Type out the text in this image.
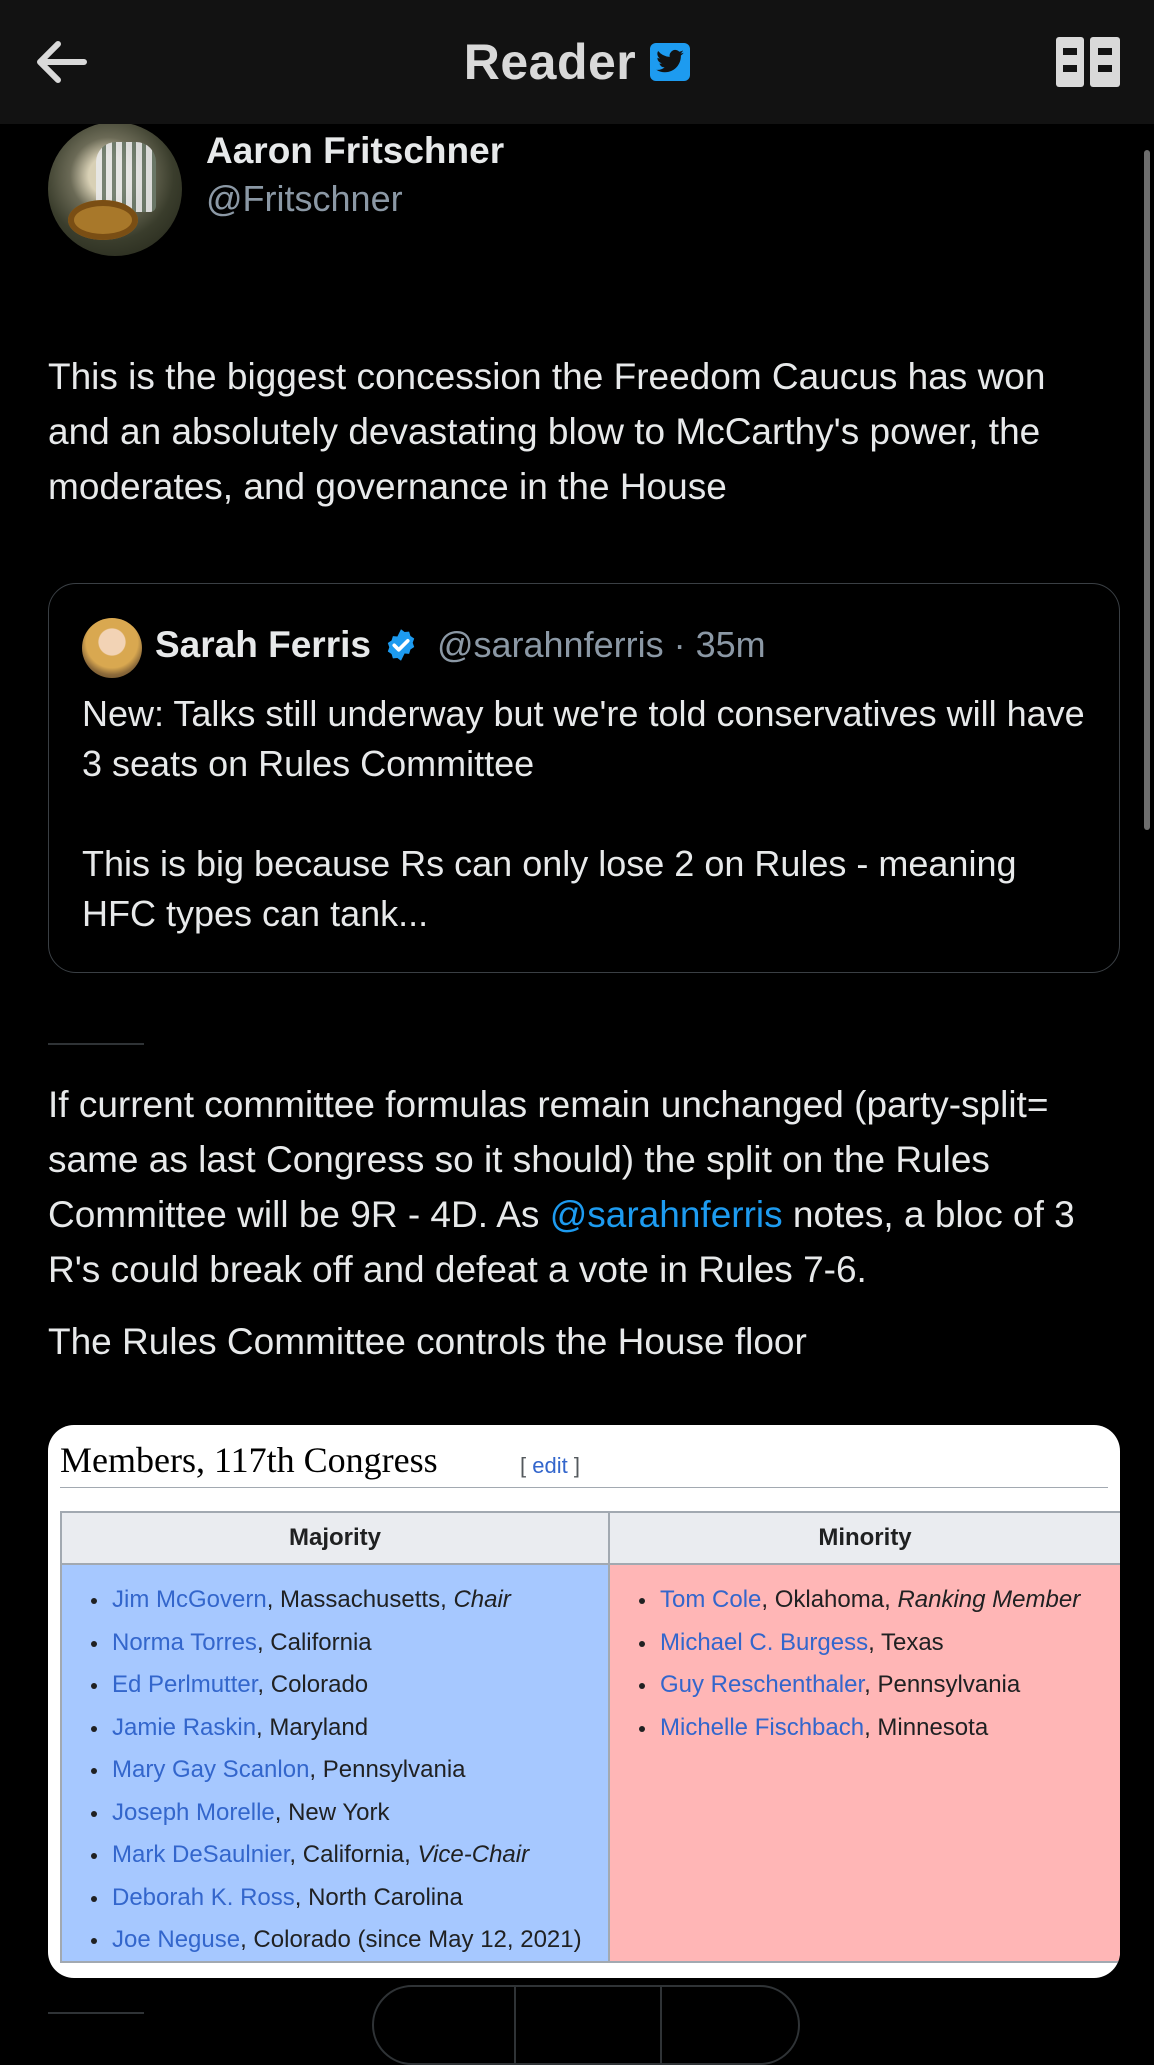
Reader
Aaron Fritschner
@Fritschner
This is the biggest concession the Freedom Caucus has won and an absolutely devastating blow to McCarthy's power, the moderates, and governance in the House
Sarah Ferris @sarahnferris · 35m
New: Talks still underway but we're told conservatives will have 3 seats on Rules Committee
This is big because Rs can only lose 2 on Rules - meaning HFC types can tank...
If current committee formulas remain unchanged (party-split= same as last Congress so it should) the split on the Rules Committee will be 9R - 4D. As @sarahnferris notes, a bloc of 3 R's could break off and defeat a vote in Rules 7-6.
The Rules Committee controls the House floor
Members, 117th Congress	[ edit ]
Majority
Jim McGovern, Massachusetts, Chair
Norma Torres, California
Ed Perlmutter, Colorado
Jamie Raskin, Maryland
Mary Gay Scanlon, Pennsylvania
Joseph Morelle, New York
Mark DeSaulnier, California, Vice-Chair
Deborah K. Ross, North Carolina
Joe Neguse, Colorado (since May 12, 2021)
Minority
Tom Cole, Oklahoma, Ranking Member
Michael C. Burgess, Texas
Guy Reschenthaler, Pennsylvania
Michelle Fischbach, Minnesota
